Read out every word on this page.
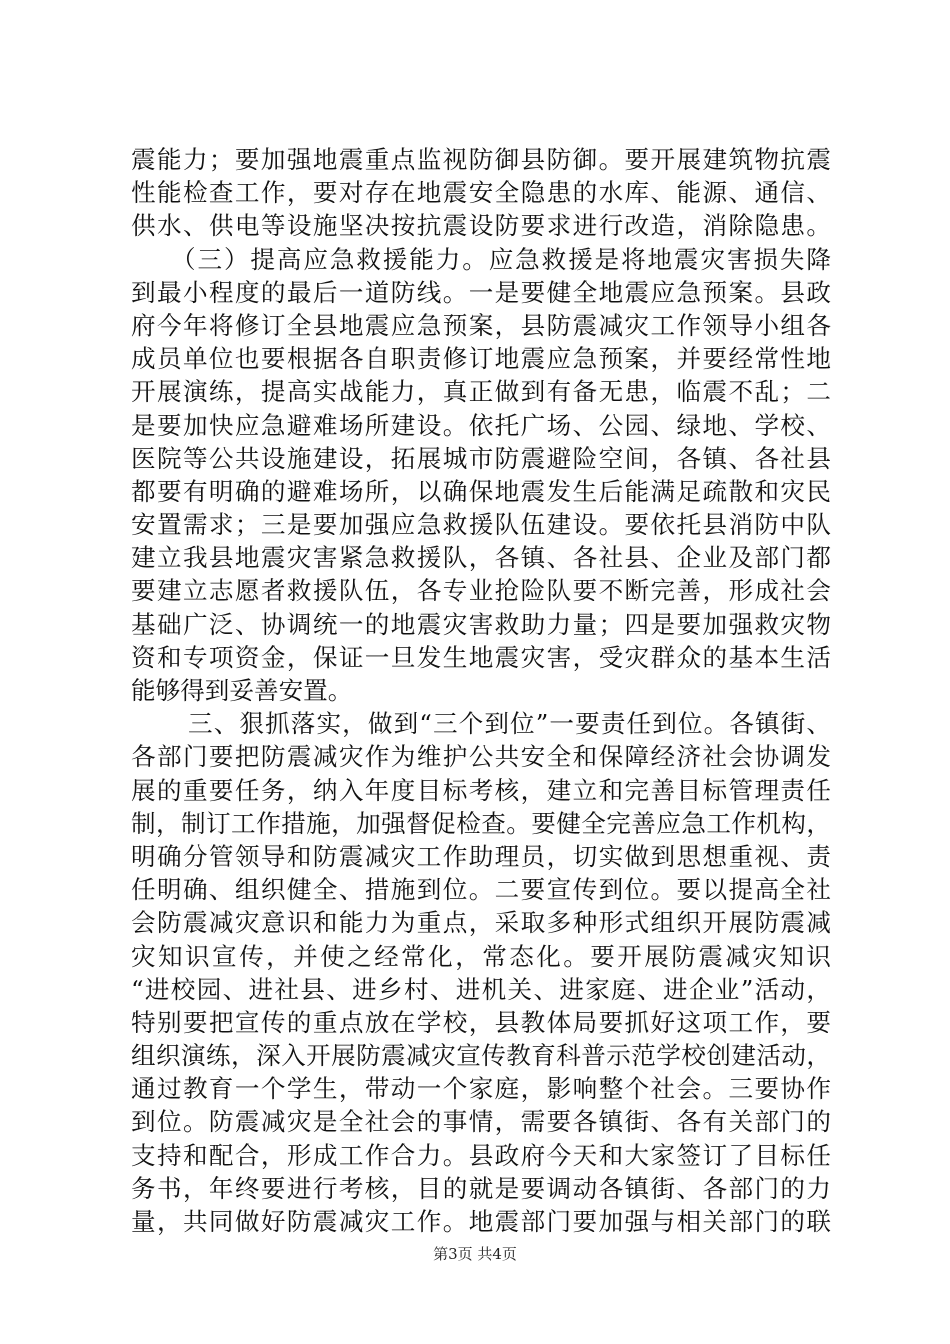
震能力；要加强地震重点监视防御县防御。要开展建筑物抗震
性能检查工作，要对存在地震安全隐患的水库、能源、通信、
供水、供电等设施坚决按抗震设防要求进行改造，消除隐患。
（三）提高应急救援能力。应急救援是将地震灾害损失降
到最小程度的最后一道防线。一是要健全地震应急预案。县政
府今年将修订全县地震应急预案，县防震减灾工作领导小组各
成员单位也要根据各自职责修订地震应急预案，并要经常性地
开展演练，提高实战能力，真正做到有备无患，临震不乱；二
是要加快应急避难场所建设。依托广场、公园、绿地、学校、
医院等公共设施建设，拓展城市防震避险空间，各镇、各社县
都要有明确的避难场所，以确保地震发生后能满足疏散和灾民
安置需求；三是要加强应急救援队伍建设。要依托县消防中队
建立我县地震灾害紧急救援队，各镇、各社县、企业及部门都
要建立志愿者救援队伍，各专业抢险队要不断完善，形成社会
基础广泛、协调统一的地震灾害救助力量；四是要加强救灾物
资和专项资金，保证一旦发生地震灾害，受灾群众的基本生活
能够得到妥善安置。
三、狠抓落实，做到“三个到位”一要责任到位。各镇街、
各部门要把防震减灾作为维护公共安全和保障经济社会协调发
展的重要任务，纳入年度目标考核，建立和完善目标管理责任
制，制订工作措施，加强督促检查。要健全完善应急工作机构，
明确分管领导和防震减灾工作助理员，切实做到思想重视、责
任明确、组织健全、措施到位。二要宣传到位。要以提高全社
会防震减灾意识和能力为重点，采取多种形式组织开展防震减
灾知识宣传，并使之经常化，常态化。要开展防震减灾知识
“进校园、进社县、进乡村、进机关、进家庭、进企业”活动，
特别要把宣传的重点放在学校，县教体局要抓好这项工作，要
组织演练，深入开展防震减灾宣传教育科普示范学校创建活动，
通过教育一个学生，带动一个家庭，影响整个社会。三要协作
到位。防震减灾是全社会的事情，需要各镇街、各有关部门的
支持和配合，形成工作合力。县政府今天和大家签订了目标任
务书，年终要进行考核，目的就是要调动各镇街、各部门的力
量，共同做好防震减灾工作。地震部门要加强与相关部门的联
第3页 共4页
